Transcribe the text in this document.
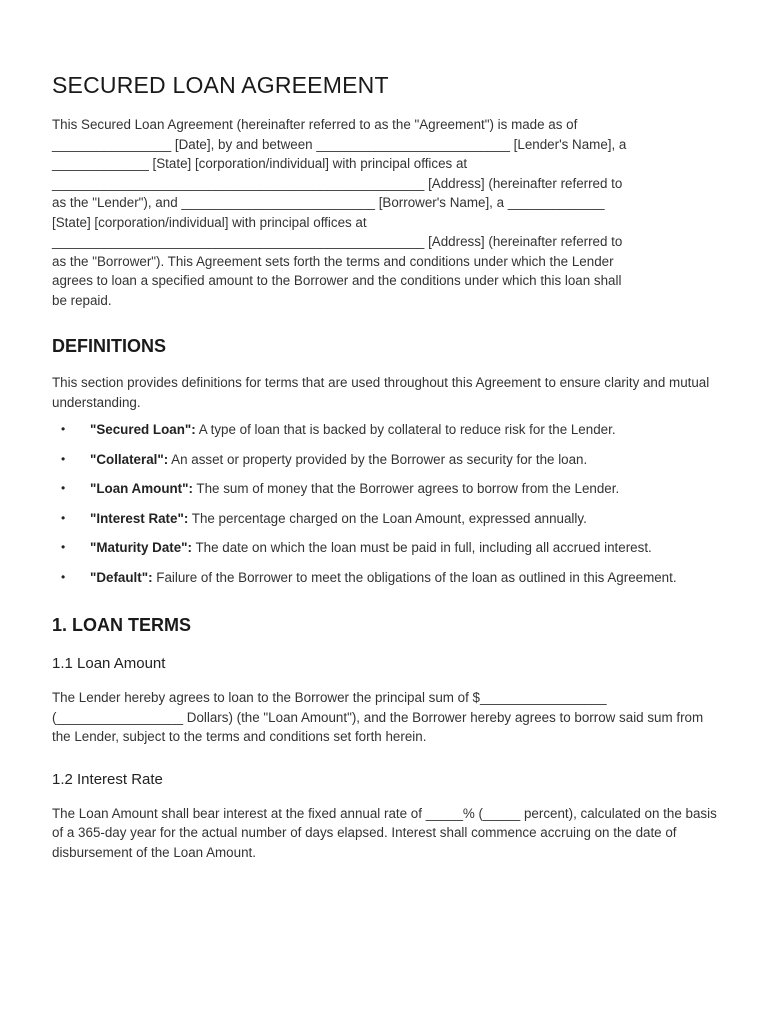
SECURED LOAN AGREEMENT

This Secured Loan Agreement (hereinafter referred to as the "Agreement") is made as of
________________ [Date], by and between __________________________ [Lender's Name], a
_____________ [State] [corporation/individual] with principal offices at
__________________________________________________ [Address] (hereinafter referred to
as the "Lender"), and __________________________ [Borrower's Name], a _____________
[State] [corporation/individual] with principal offices at
__________________________________________________ [Address] (hereinafter referred to
as the "Borrower"). This Agreement sets forth the terms and conditions under which the Lender
agrees to loan a specified amount to the Borrower and the conditions under which this loan shall
be repaid.

DEFINITIONS

This section provides definitions for terms that are used throughout this Agreement to ensure clarity and mutual understanding.

• "Secured Loan": A type of loan that is backed by collateral to reduce risk for the Lender.
• "Collateral": An asset or property provided by the Borrower as security for the loan.
• "Loan Amount": The sum of money that the Borrower agrees to borrow from the Lender.
• "Interest Rate": The percentage charged on the Loan Amount, expressed annually.
• "Maturity Date": The date on which the loan must be paid in full, including all accrued interest.
• "Default": Failure of the Borrower to meet the obligations of the loan as outlined in this Agreement.
1. LOAN TERMS
1.1 Loan Amount

The Lender hereby agrees to loan to the Borrower the principal sum of $_________________ (_________________ Dollars) (the "Loan Amount"), and the Borrower hereby agrees to borrow said sum from the Lender, subject to the terms and conditions set forth herein.

1.2 Interest Rate

The Loan Amount shall bear interest at the fixed annual rate of _____% (_____ percent), calculated on the basis of a 365-day year for the actual number of days elapsed. Interest shall commence accruing on the date of disbursement of the Loan Amount.
